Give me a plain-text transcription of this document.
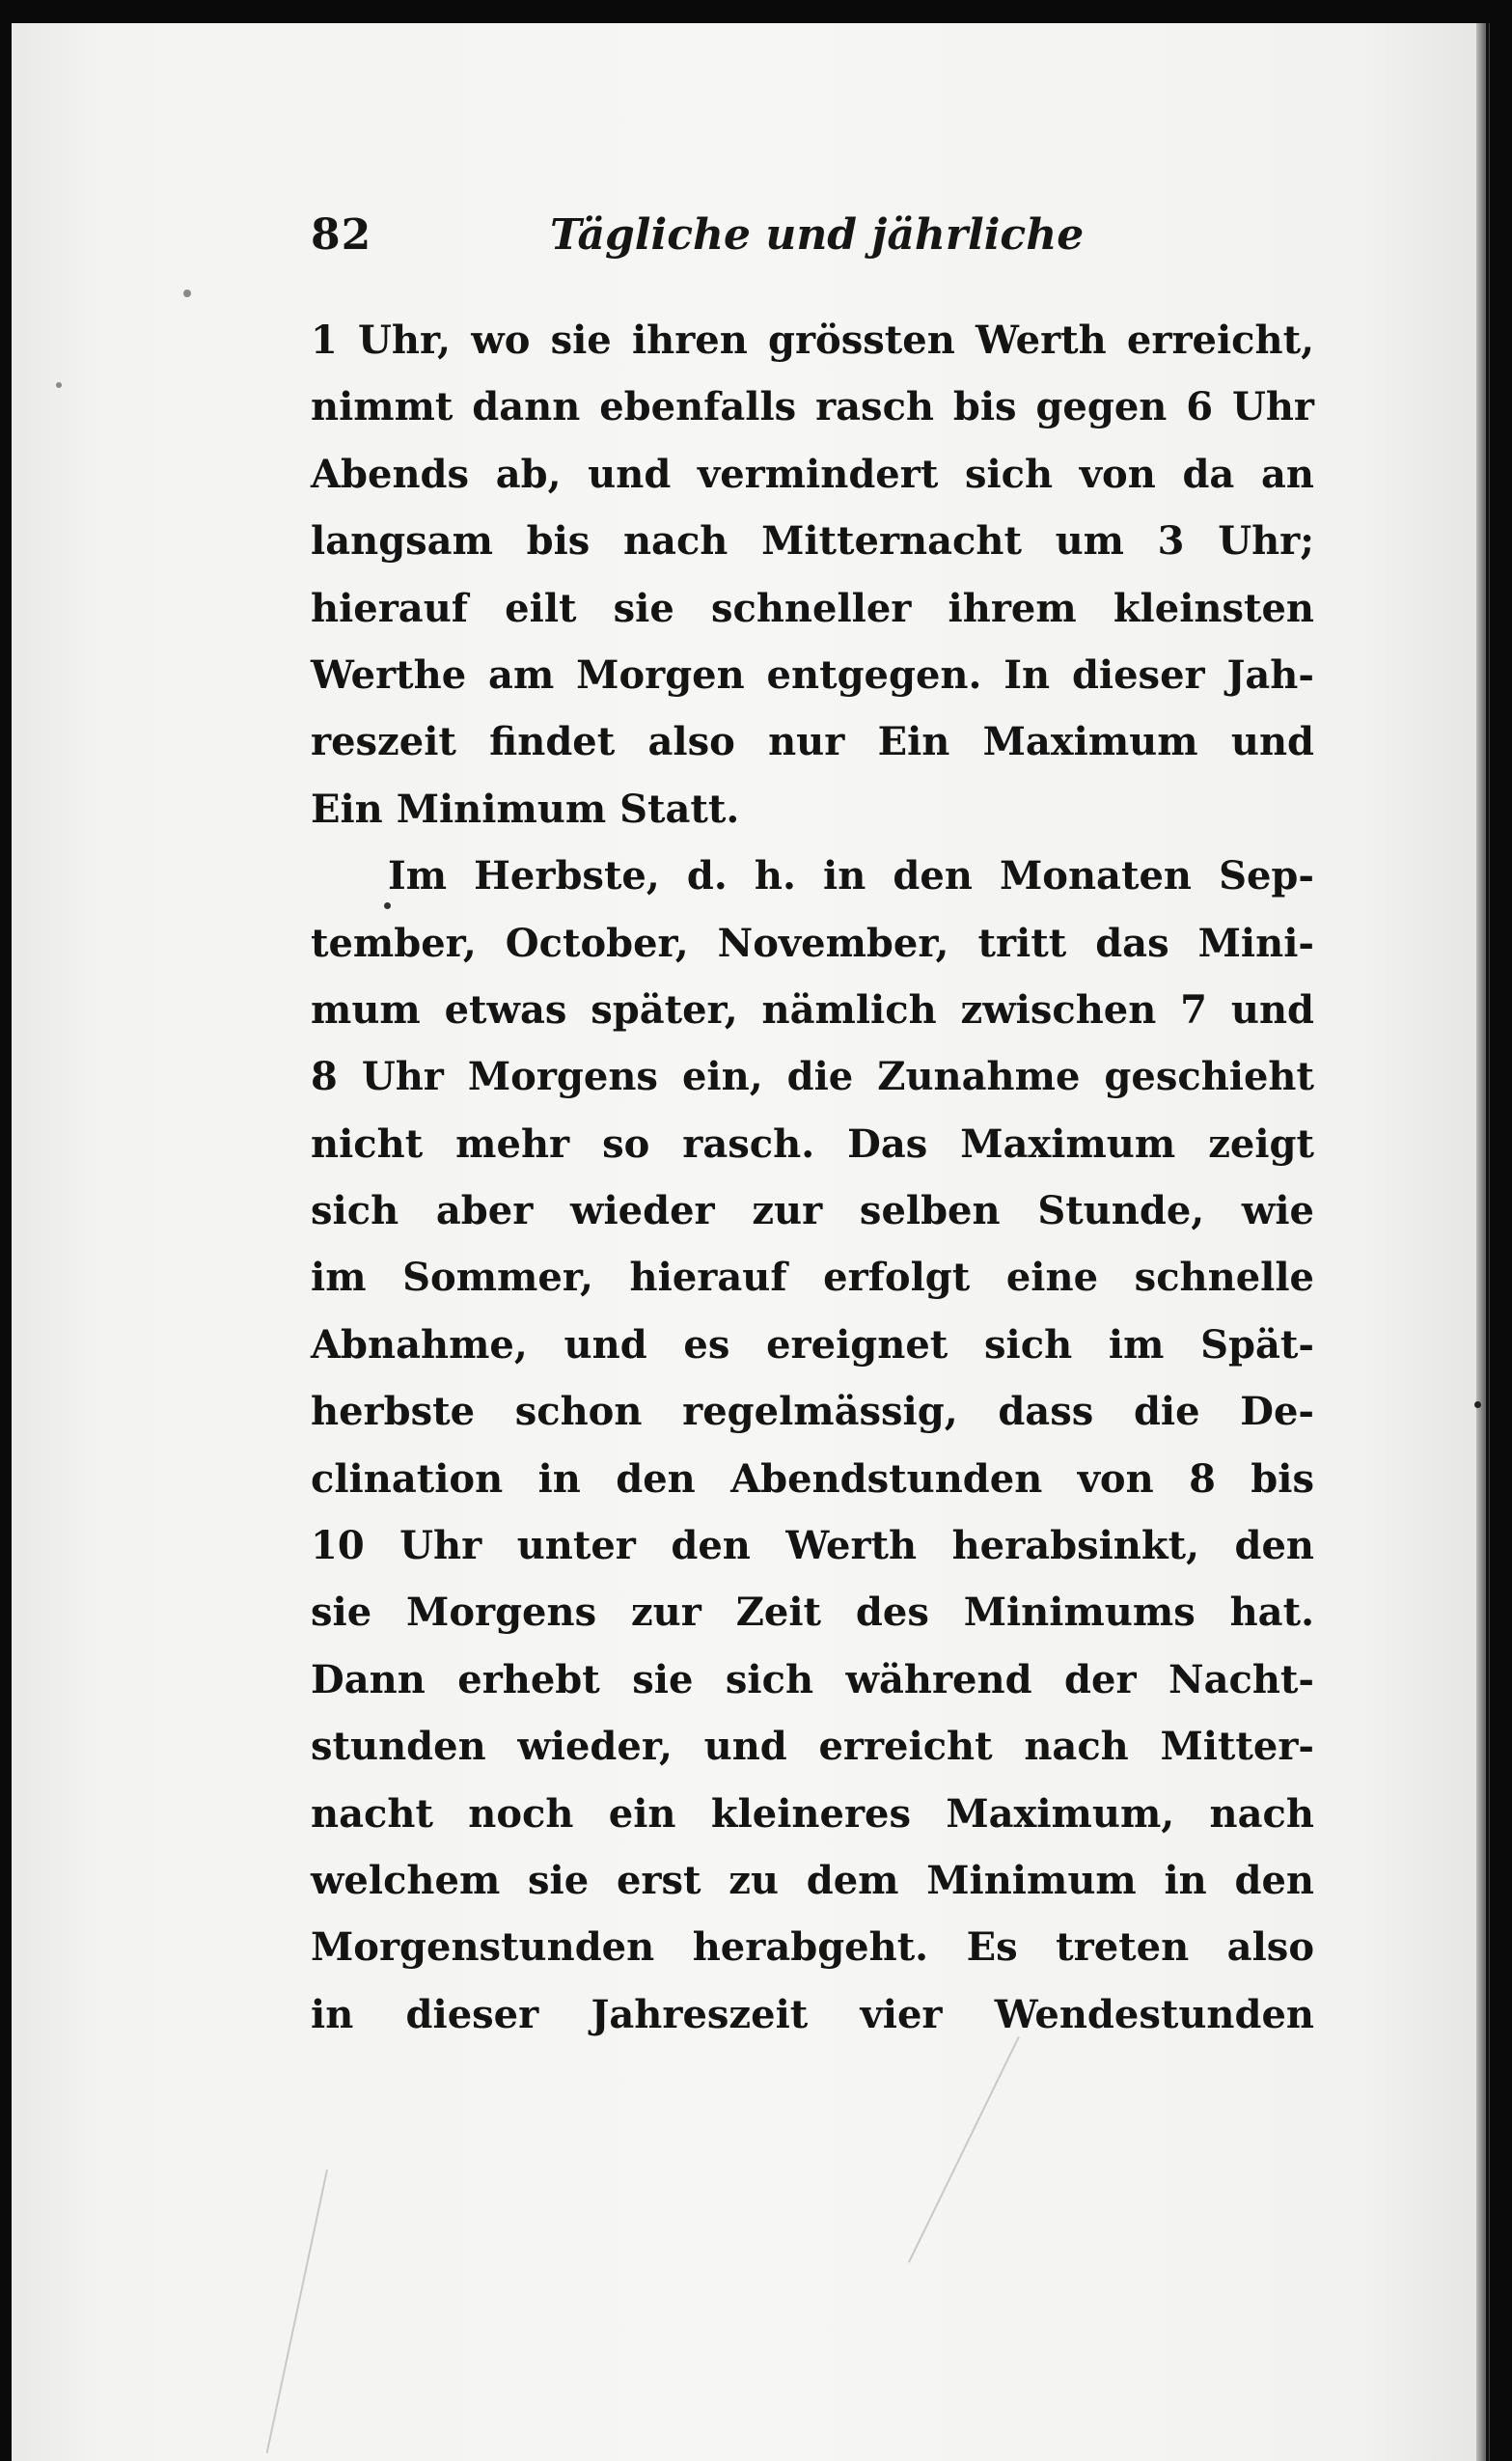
82	Tägliche und jährliche
1 Uhr, wo sie ihren grössten Werth erreicht,
nimmt dann ebenfalls rasch bis gegen 6 Uhr
Abends ab, und vermindert sich von da an
langsam bis nach Mitternacht um 3 Uhr;
hierauf eilt sie schneller ihrem kleinsten
Werthe am Morgen entgegen. In dieser Jah-
reszeit findet also nur Ein Maximum und
Ein Minimum Statt.
Im Herbste, d. h. in den Monaten Sep-
tember, October, November, tritt das Mini-
mum etwas später, nämlich zwischen 7 und
8 Uhr Morgens ein, die Zunahme geschieht
nicht mehr so rasch. Das Maximum zeigt
sich aber wieder zur selben Stunde, wie
im Sommer, hierauf erfolgt eine schnelle
Abnahme, und es ereignet sich im Spät-
herbste schon regelmässig, dass die De-
clination in den Abendstunden von 8 bis
10 Uhr unter den Werth herabsinkt, den
sie Morgens zur Zeit des Minimums hat.
Dann erhebt sie sich während der Nacht-
stunden wieder, und erreicht nach Mitter-
nacht noch ein kleineres Maximum, nach
welchem sie erst zu dem Minimum in den
Morgenstunden herabgeht. Es treten also
in dieser Jahreszeit vier Wendestunden
